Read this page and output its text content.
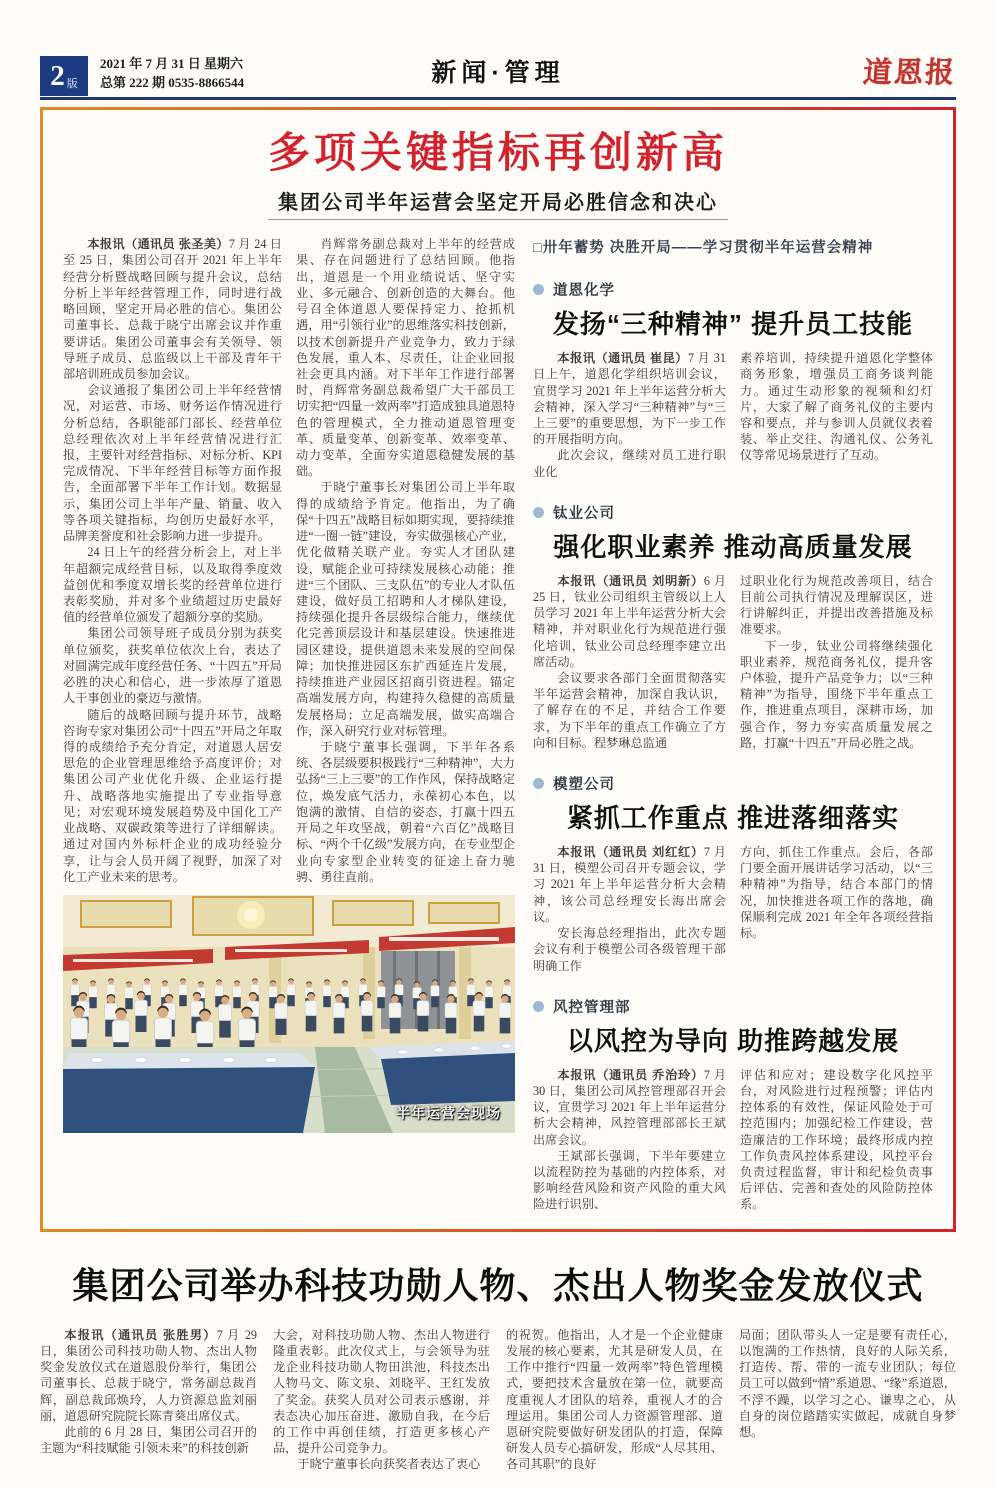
2 版
2021 年 7 月 31 日 星期六
总第 222 期 0535-8866544	新闻·管理	道恩报
多项关键指标再创新高
集团公司半年运营会坚定开局必胜信念和决心

本报讯（通讯员 张圣美）7 月 24 日至 25 日，集团公司召开 2021 年上半年经营分析暨战略回顾与提升会议，总结分析上半年经营管理工作，同时进行战略回顾，坚定开局必胜的信心。集团公司董事长、总裁于晓宁出席会议并作重要讲话。集团公司董事会有关领导、领导班子成员、总监级以上干部及青年干部培训班成员参加会议。

会议通报了集团公司上半年经营情况，对运营、市场、财务运作情况进行分析总结，各职能部门部长、经营单位总经理依次对上半年经营情况进行汇报，主要针对经营指标、对标分析、KPI 完成情况、下半年经营目标等方面作报告，全面部署下半年工作计划。数据显示，集团公司上半年产量、销量、收入等各项关键指标，均创历史最好水平，品牌美誉度和社会影响力进一步提升。

24 日上午的经营分析会上，对上半年超额完成经营目标，以及取得季度效益创优和季度双增长奖的经营单位进行表彰奖励，并对多个业绩超过历史最好值的经营单位颁发了超额分享的奖励。

集团公司领导班子成员分别为获奖单位颁奖，获奖单位依次上台，表达了对圆满完成年度经营任务、“十四五”开局必胜的决心和信心，进一步浓厚了道恩人干事创业的豪迈与激情。

随后的战略回顾与提升环节，战略咨询专家对集团公司“十四五”开局之年取得的成绩给予充分肯定，对道恩人居安思危的企业管理思维给予高度评价；对集团公司产业优化升级、企业运行提升、战略落地实施提出了专业指导意见；对宏观环境发展趋势及中国化工产业战略、双碳政策等进行了详细解读。通过对国内外标杆企业的成功经验分享，让与会人员开阔了视野，加深了对化工产业未来的思考。

肖辉常务副总裁对上半年的经营成果、存在问题进行了总结回顾。他指出，道恩是一个用业绩说话、坚守实业、多元融合、创新创造的大舞台。他号召全体道恩人要保持定力、抢抓机遇，用“引领行业”的思维落实科技创新，以技术创新提升产业竞争力，致力于绿色发展，重人本、尽责任，让企业回报社会更具内涵。对下半年工作进行部署时，肖辉常务副总裁希望广大干部员工切实把“四量一效两率”打造成独具道恩特色的管理模式，全力推动道恩管理变革、质量变革、创新变革、效率变革、动力变革，全面夯实道恩稳健发展的基础。

于晓宁董事长对集团公司上半年取得的成绩给予肯定。他指出，为了确保“十四五”战略目标如期实现，要持续推进“一圈一链”建设，夯实做强核心产业，优化做精关联产业。夯实人才团队建设，赋能企业可持续发展核心动能；推进“三个团队、三支队伍”的专业人才队伍建设，做好员工招聘和人才梯队建设，持续强化提升各层级综合能力，继续优化完善顶层设计和基层建设。快速推进园区建设，提供道恩未来发展的空间保障；加快推进园区东扩西延连片发展，持续推进产业园区招商引资进程。锚定高端发展方向，构建持久稳健的高质量发展格局；立足高端发展，做实高端合作，深入研究行业对标管理。

于晓宁董事长强调，下半年各系统、各层级要积极践行“三种精神”，大力弘扬“三上三要”的工作作风，保持战略定位，焕发底气活力，永葆初心本色，以饱满的激情、自信的姿态，打赢十四五开局之年攻坚战，朝着“六百亿”战略目标、“两个千亿级”发展方向，在专业型企业向专家型企业转变的征途上奋力驰骋、勇往直前。

半年运营会现场
□卅年蓄势 决胜开局——学习贯彻半年运营会精神
道恩化学
发扬“三种精神” 提升员工技能

本报讯（通讯员 崔昆）7 月 31 日上午，道恩化学组织培训会议，宣贯学习 2021 年上半年运营分析大会精神，深入学习“三种精神”与“三上三要”的重要思想，为下一步工作的开展指明方向。

此次会议，继续对员工进行职业化

素养培训，持续提升道恩化学整体商务形象，增强员工商务谈判能力。通过生动形象的视频和幻灯片，大家了解了商务礼仪的主要内容和要点，并与参训人员就仪表着装、举止交往、沟通礼仪、公务礼仪等常见场景进行了互动。

钛业公司
强化职业素养 推动高质量发展

本报讯（通讯员 刘明新）6 月 25 日，钛业公司组织主管级以上人员学习 2021 年上半年运营分析大会精神，并对职业化行为规范进行强化培训，钛业公司总经理李建立出席活动。

会议要求各部门全面贯彻落实半年运营会精神，加深自我认识，了解存在的不足，并结合工作要求，为下半年的重点工作确立了方向和目标。程梦琳总监通

过职业化行为规范改善项目，结合目前公司执行情况及理解误区，进行讲解纠正，并提出改善措施及标准要求。

下一步，钛业公司将继续强化职业素养，规范商务礼仪，提升客户体验，提升产品竞争力；以“三种精神”为指导，围绕下半年重点工作，推进重点项目，深耕市场，加强合作，努力夯实高质量发展之路，打赢“十四五”开局必胜之战。

模塑公司
紧抓工作重点 推进落细落实

本报讯（通讯员 刘红红）7 月 31 日，模塑公司召开专题会议，学习 2021 年上半年运营分析大会精神，该公司总经理安长海出席会议。

安长海总经理指出，此次专题会议有利于模塑公司各级管理干部明确工作

方向，抓住工作重点。会后，各部门要全面开展讲话学习活动，以“三种精神”为指导，结合本部门的情况，加快推进各项工作的落地，确保顺利完成 2021 年全年各项经营指标。

风控管理部
以风控为导向 助推跨越发展

本报讯（通讯员 乔治玲）7 月 30 日，集团公司风控管理部召开会议，宣贯学习 2021 年上半年运营分析大会精神，风控管理部部长王斌出席会议。

王斌部长强调，下半年要建立以流程防控为基础的内控体系，对影响经营风险和资产风险的重大风险进行识别、

评估和应对；建设数字化风控平台，对风险进行过程预警；评估内控体系的有效性，保证风险处于可控范围内；加强纪检工作建设，营造廉洁的工作环境；最终形成内控工作负责风控体系建设，风控平台负责过程监督，审计和纪检负责事后评估、完善和查处的风险防控体系。

集团公司举办科技功勋人物、杰出人物奖金发放仪式

本报讯（通讯员 张胜男）7 月 29 日，集团公司科技功勋人物、杰出人物奖金发放仪式在道恩股份举行，集团公司董事长、总裁于晓宁，常务副总裁肖辉，副总裁邱焕玲，人力资源总监刘丽丽，道恩研究院院长陈青葵出席仪式。

此前的 6 月 28 日，集团公司召开的主题为“科技赋能 引领未来”的科技创新

大会，对科技功勋人物、杰出人物进行隆重表彰。此次仪式上，与会领导为驻龙企业科技功勋人物田洪池，科技杰出人物马文、陈文泉、刘晓平、王红发放了奖金。获奖人员对公司表示感谢，并表态决心加压奋进、激励自我，在今后的工作中再创佳绩，打造更多核心产品，提升公司竞争力。

于晓宁董事长向获奖者表达了衷心

的祝贺。他指出，人才是一个企业健康发展的核心要素，尤其是研发人员，在工作中推行“四量一效两率”特色管理模式，要把技术含量放在第一位，就要高度重视人才团队的培养，重视人才的合理运用。集团公司人力资源管理部、道恩研究院要做好研发团队的打造，保障研发人员专心搞研发，形成“人尽其用、各司其职”的良好

局面；团队带头人一定是要有责任心，以饱满的工作热情，良好的人际关系，打造传、帮、带的一流专业团队；每位员工可以做到“情”系道恩、“缘”系道恩，不浮不躁，以学习之心、谦卑之心，从自身的岗位踏踏实实做起，成就自身梦想。
